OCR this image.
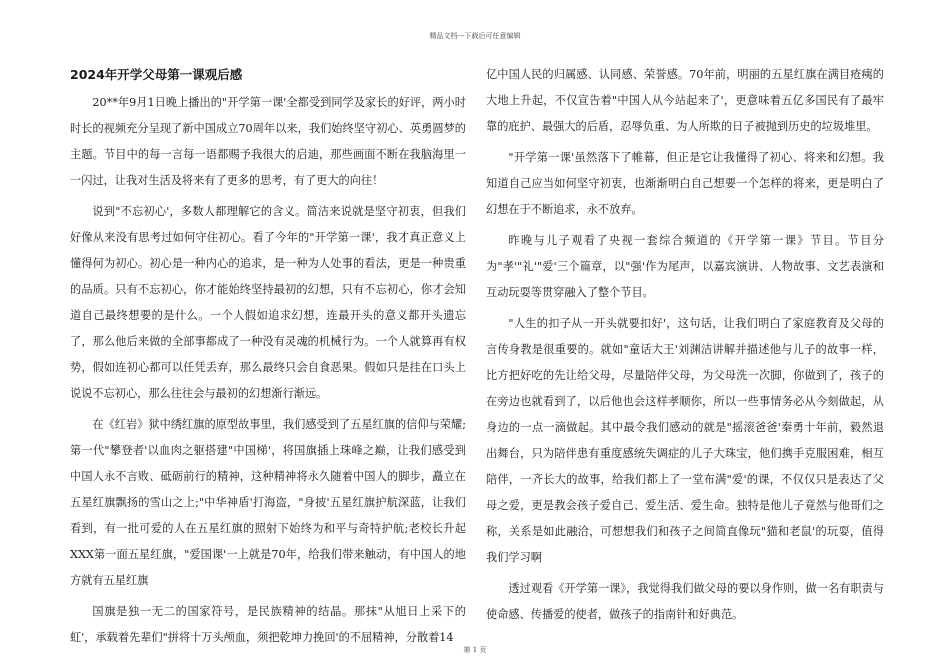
精品文档---下载后可任意编辑
2024年开学父母第一课观后感

20**年9月1日晚上播出的"开学第一课'全都受到同学及家长的好评，两小时时长的视频充分呈现了新中国成立70周年以来，我们始终坚守初心、英勇圆梦的主题。节目中的每一言每一语都赐予我很大的启迪，那些画面不断在我脑海里一一闪过，让我对生活及将来有了更多的思考，有了更大的向往！

说到"不忘初心'，多数人都理解它的含义。简洁来说就是坚守初衷，但我们好像从来没有思考过如何守住初心。看了今年的"开学第一课'，我才真正意义上懂得何为初心。初心是一种内心的追求，是一种为人处事的看法，更是一种贵重的品质。只有不忘初心，你才能始终坚持最初的幻想，只有不忘初心，你才会知道自己最终想要的是什么。一个人假如追求幻想，连最开头的意义都开头遗忘了，那么他后来做的全部事都成了一种没有灵魂的机械行为。一个人就算再有权势，假如连初心都可以任凭丢弃，那么最终只会自食恶果。假如只是挂在口头上说说不忘初心，那么往往会与最初的幻想渐行渐远。

在《红岩》狱中绣红旗的原型故事里，我们感受到了五星红旗的信仰与荣耀;第一代"攀登者'以血肉之躯搭建"中国梯'，将国旗插上珠峰之巅，让我们感受到中国人永不言败、砥砺前行的精神，这种精神将永久随着中国人的脚步，矗立在五星红旗飘扬的雪山之上;"中华神盾'打海盗，"身披'五星红旗护航深蓝，让我们看到，有一批可爱的人在五星红旗的照射下始终为和平与奇特护航;老校长升起XXX第一面五星红旗，"爱国课'一上就是70年，给我们带来触动，有中国人的地方就有五星红旗

国旗是独一无二的国家符号，是民族精神的结晶。那抹"从旭日上采下的虹'，承载着先辈们"拼将十万头颅血，须把乾坤力挽回'的不屈精神，分散着14

亿中国人民的归属感、认同感、荣誉感。70年前，明丽的五星红旗在满目疮痍的大地上升起，不仅宣告着"中国人从今站起来了'，更意味着五亿多国民有了最牢靠的庇护、最强大的后盾，忍辱负重、为人所欺的日子被抛到历史的垃圾堆里。

"开学第一课'虽然落下了帷幕，但正是它让我懂得了初心、将来和幻想。我知道自己应当如何坚守初衷，也渐渐明白自己想要一个怎样的将来，更是明白了幻想在于不断追求，永不放弃。

昨晚与儿子观看了央视一套综合频道的《开学第一课》节目。节目分为"孝'"礼'"爱'三个篇章，以"强'作为尾声，以嘉宾演讲、人物故事、文艺表演和互动玩耍等贯穿融入了整个节目。

"人生的扣子从一开头就要扣好'，这句话，让我们明白了家庭教育及父母的言传身教是很重要的。就如"童话大王'刘渊洁讲解并描述他与儿子的故事一样，比方把好吃的先让给父母，尽量陪伴父母，为父母洗一次脚，你做到了，孩子的在旁边也就看到了，以后他也会这样孝顺你，所以一些事情务必从今刻做起，从身边的一点一滴做起。其中最令我们感动的就是"摇滚爸爸'秦勇十年前，毅然退出舞台，只为陪伴患有重度感统失调症的儿子大珠宝，他们携手克服困难，相互陪伴，一齐长大的故事，给我们都上了一堂布满"爱'的课，不仅仅只是表达了父母之爱，更是教会孩子爱自己、爱生活、爱生命。独特是他儿子竟然与他哥们之称，关系是如此融洽，可想想我们和孩子之间简直像玩"猫和老鼠'的玩耍，值得我们学习啊

透过观看《开学第一课》，我觉得我们做父母的要以身作则，做一名有职责与使命感、传播爱的使者，做孩子的指南针和好典范。

第 1 页
